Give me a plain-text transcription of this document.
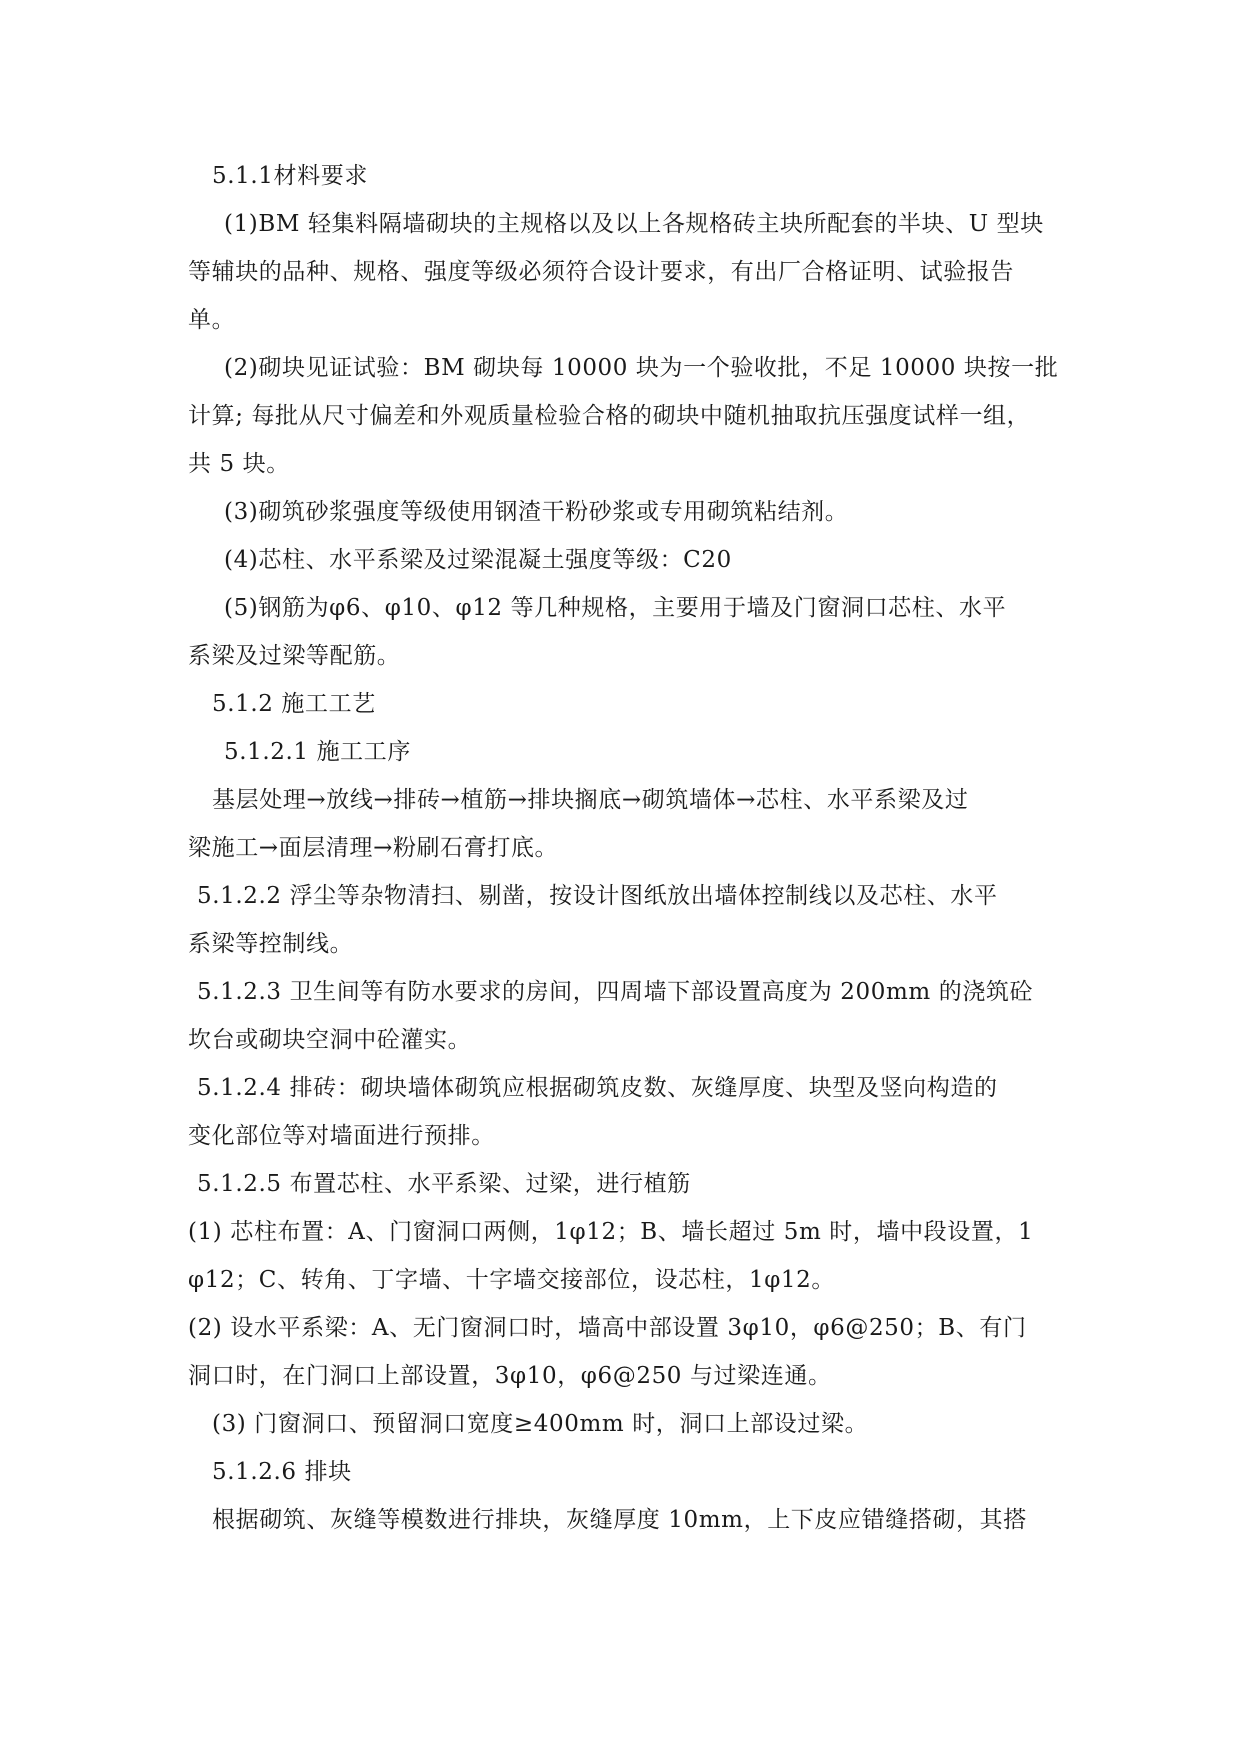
5.1.1材料要求
(1)BM 轻集料隔墙砌块的主规格以及以上各规格砖主块所配套的半块、U 型块
等辅块的品种、规格、强度等级必须符合设计要求，有出厂合格证明、试验报告
单。
(2)砌块见证试验：BM 砌块每 10000 块为一个验收批，不足 10000 块按一批
计算; 每批从尺寸偏差和外观质量检验合格的砌块中随机抽取抗压强度试样一组，
共 5 块。
(3)砌筑砂浆强度等级使用钢渣干粉砂浆或专用砌筑粘结剂。
(4)芯柱、水平系梁及过梁混凝土强度等级：C20
(5)钢筋为φ6、φ10、φ12 等几种规格，主要用于墙及门窗洞口芯柱、水平
系梁及过梁等配筋。
5.1.2 施工工艺
5.1.2.1 施工工序
基层处理→放线→排砖→植筋→排块搁底→砌筑墙体→芯柱、水平系梁及过
梁施工→面层清理→粉刷石膏打底。
5.1.2.2 浮尘等杂物清扫、剔凿，按设计图纸放出墙体控制线以及芯柱、水平
系梁等控制线。
5.1.2.3 卫生间等有防水要求的房间，四周墙下部设置高度为 200mm 的浇筑砼
坎台或砌块空洞中砼灌实。
5.1.2.4 排砖：砌块墙体砌筑应根据砌筑皮数、灰缝厚度、块型及竖向构造的
变化部位等对墙面进行预排。
5.1.2.5 布置芯柱、水平系梁、过梁，进行植筋
(1) 芯柱布置：A、门窗洞口两侧，1φ12；B、墙长超过 5m 时，墙中段设置，1
φ12；C、转角、丁字墙、十字墙交接部位，设芯柱，1φ12。
(2) 设水平系梁：A、无门窗洞口时，墙高中部设置 3φ10，φ6@250；B、有门
洞口时，在门洞口上部设置，3φ10，φ6@250 与过梁连通。
(3) 门窗洞口、预留洞口宽度≥400mm 时，洞口上部设过梁。
5.1.2.6 排块
根据砌筑、灰缝等模数进行排块，灰缝厚度 10mm，上下皮应错缝搭砌，其搭
